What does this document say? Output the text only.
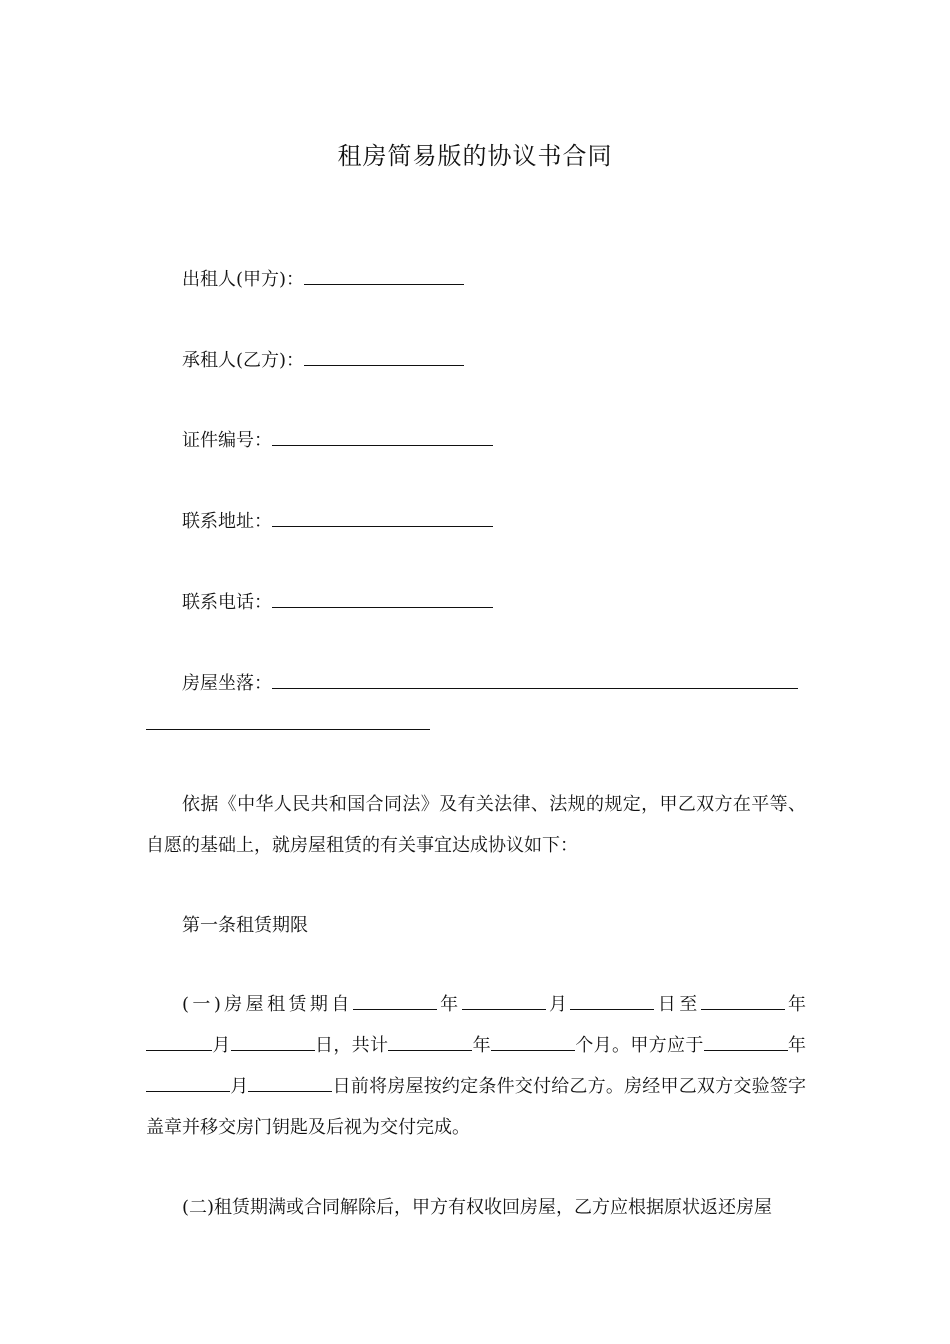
租房简易版的协议书合同
出租人(甲方)：
承租人(乙方)：
证件编号：
联系地址：
联系电话：
房屋坐落：
依据《中华人民共和国合同法》及有关法律、法规的规定，甲乙双方在平等、自愿的基础上，就房屋租赁的有关事宜达成协议如下：
第一条租赁期限
(一)房屋租赁期自	年	月	日至	年月	日，共计	年	个月。甲方应于	年月	日前将房屋按约定条件交付给乙方。房经甲乙双方交验签字盖章并移交房门钥匙及后视为交付完成。
(二)租赁期满或合同解除后，甲方有权收回房屋，乙方应根据原状返还房屋
